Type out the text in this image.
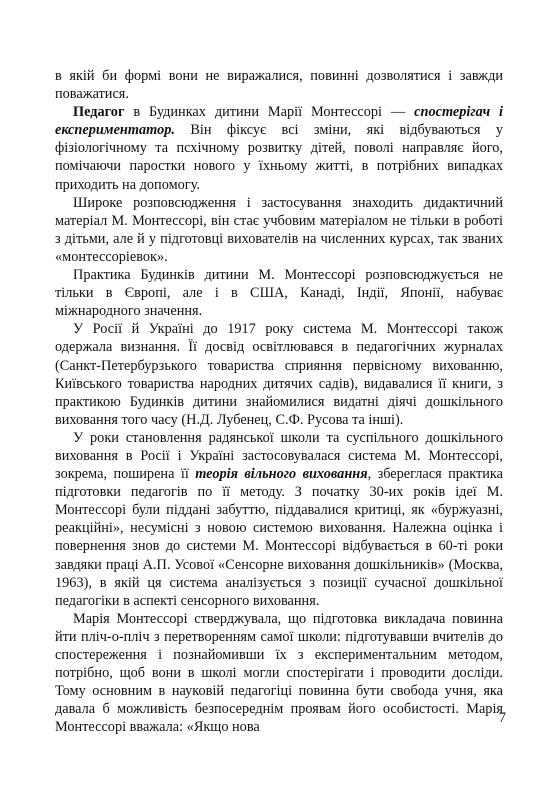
в якій би формі вони не виражалися, повинні дозволятися і завжди поважатися.

Педагог в Будинках дитини Марії Монтессорі — спостерігач і експериментатор. Він фіксує всі зміни, які відбуваються у фізіологічному та псхічному розвитку дітей, поволі направляє його, помічаючи паростки нового у їхньому житті, в потрібних випадках приходить на допомогу.

Широке розповсюдження і застосування знаходить дидактичний матеріал М. Монтессорі, він стає учбовим матеріалом не тільки в роботі з дітьми, але й у підготовці вихователів на численних курсах, так званих «монтессоріевок».

Практика Будинків дитини М. Монтессорі розповсюджується не тільки в Європі, але і в США, Канаді, Індії, Японії, набуває міжнародного значення.

У Росії й Україні до 1917 року система М. Монтессорі також одержала визнання. Її досвід освітлювався в педагогічних журналах (Санкт-Петербурзького товариства сприяння первісному вихованню, Київського товариства народних дитячих садів), видавалися її книги, з практикою Будинків дитини знайомилися видатні діячі дошкільного виховання того часу (Н.Д. Лубенец, С.Ф. Русова та інші).

У роки становлення радянської школи та суспільного дошкільного виховання в Росії і Україні застосовувалася система М. Монтессорі, зокрема, поширена її теорія вільного виховання, збереглася практика підготовки педагогів по її методу. З початку 30-их років ідеї М. Монтессорі були піддані забуттю, піддавалися критиці, як «буржуазні, реакційні», несумісні з новою системою виховання. Належна оцінка і повернення знов до системи М. Монтессорі відбувається в 60-ті роки завдяки праці А.П. Усової «Сенсорне виховання дошкільників» (Москва, 1963), в якій ця система аналізується з позиції сучасної дошкільної педагогіки в аспекті сенсорного виховання.

Марія Монтессорі стверджувала, що підготовка викладача повинна йти пліч-о-пліч з перетворенням самої школи: підготувавши вчителів до спостереження і познайомивши їх з експериментальним методом, потрібно, щоб вони в школі могли спостерігати і проводити досліди. Тому основним в науковій педагогіці повинна бути свобода учня, яка давала б можливість безпосереднім проявам його особистості. Марія Монтессорі вважала: «Якщо нова

7
